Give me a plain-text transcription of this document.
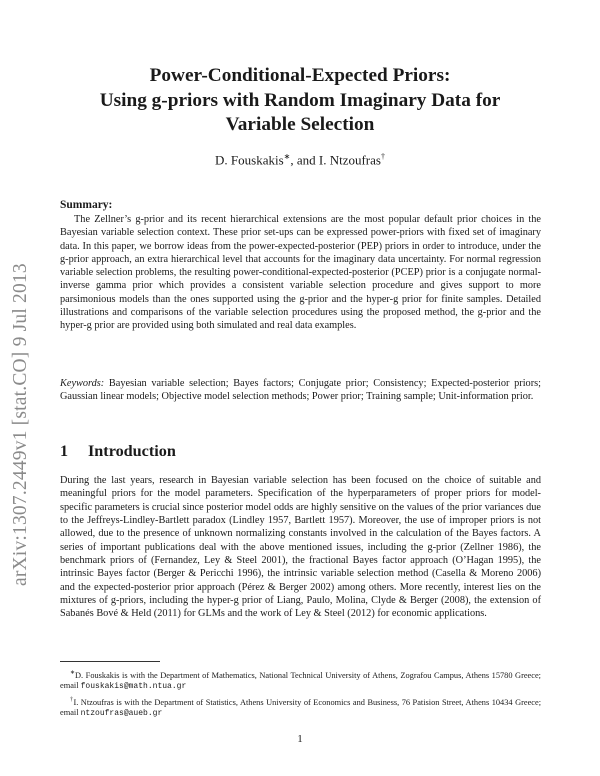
arXiv:1307.2449v1 [stat.CO] 9 Jul 2013
Power-Conditional-Expected Priors:
Using g-priors with Random Imaginary Data for
Variable Selection
D. Fouskakis∗, and I. Ntzoufras†
Summary:

The Zellner’s g-prior and its recent hierarchical extensions are the most popular default prior choices in the Bayesian variable selection context. These prior set-ups can be expressed power-priors with fixed set of imaginary data. In this paper, we borrow ideas from the power-expected-posterior (PEP) priors in order to introduce, under the g-prior approach, an extra hierarchical level that accounts for the imaginary data uncertainty. For normal regression variable selection problems, the resulting power-conditional-expected-posterior (PCEP) prior is a conjugate normal-inverse gamma prior which provides a consistent variable selection procedure and gives support to more parsimonious models than the ones supported using the g-prior and the hyper-g prior for finite samples. Detailed illustrations and comparisons of the variable selection procedures using the proposed method, the g-prior and the hyper-g prior are provided using both simulated and real data examples.

Keywords: Bayesian variable selection; Bayes factors; Conjugate prior; Consistency; Expected-posterior priors; Gaussian linear models; Objective model selection methods; Power prior; Training sample; Unit-information prior.

1 Introduction

During the last years, research in Bayesian variable selection has been focused on the choice of suitable and meaningful priors for the model parameters. Specification of the hyperparameters of proper priors for model-specific parameters is crucial since posterior model odds are highly sensitive on the values of the prior variances due to the Jeffreys-Lindley-Bartlett paradox (Lindley 1957, Bartlett 1957). Moreover, the use of improper priors is not allowed, due to the presence of unknown normalizing constants involved in the calculation of the Bayes factors. A series of important publications deal with the above mentioned issues, including the g-prior (Zellner 1986), the benchmark priors of (Fernandez, Ley & Steel 2001), the fractional Bayes factor approach (O’Hagan 1995), the intrinsic Bayes factor (Berger & Pericchi 1996), the intrinsic variable selection method (Casella & Moreno 2006) and the expected-posterior prior approach (Pérez & Berger 2002) among others. More recently, interest lies on the mixtures of g-priors, including the hyper-g prior of Liang, Paulo, Molina, Clyde & Berger (2008), the extension of Sabanés Bové & Held (2011) for GLMs and the work of Ley & Steel (2012) for economic applications.

∗D. Fouskakis is with the Department of Mathematics, National Technical University of Athens, Zografou Campus, Athens 15780 Greece; email fouskakis@math.ntua.gr

†I. Ntzoufras is with the Department of Statistics, Athens University of Economics and Business, 76 Patision Street, Athens 10434 Greece; email ntzoufras@aueb.gr

1
